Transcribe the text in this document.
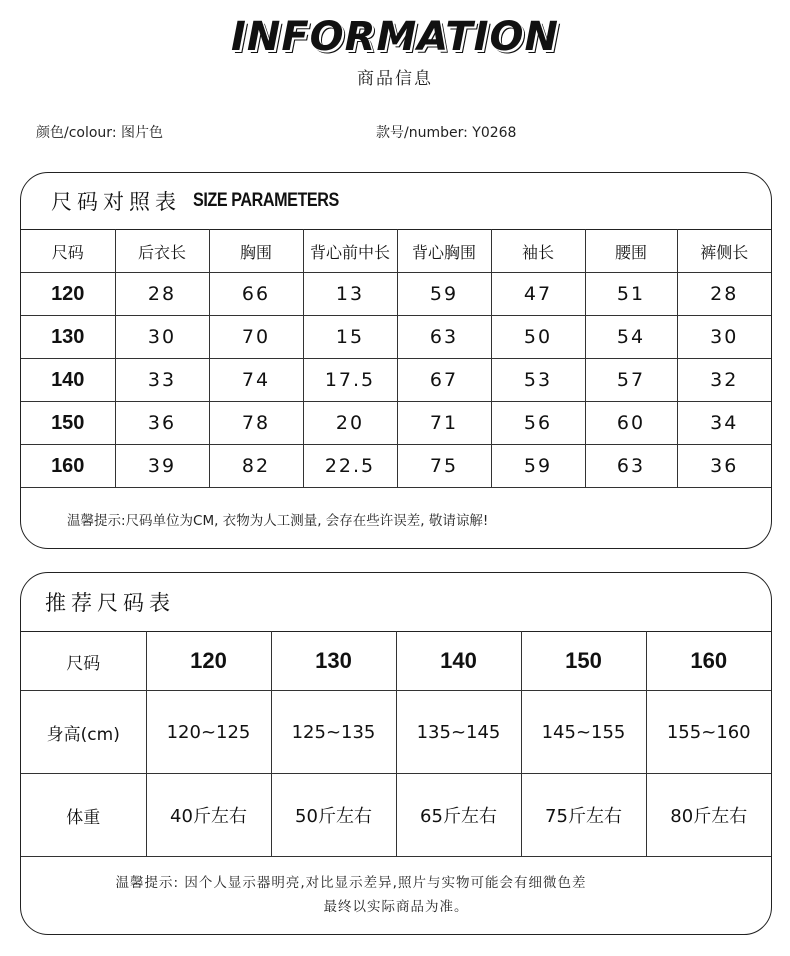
INFORMATION
商品信息
颜色/colour: 图片色	款号/number: Y0268
尺码对照表 SIZE PARAMETERS
尺码	后衣长	胸围	背心前中长	背心胸围	袖长	腰围	裤侧长
120	28	66	13	59	47	51	28
130	30	70	15	63	50	54	30
140	33	74	17.5	67	53	57	32
150	36	78	20	71	56	60	34
160	39	82	22.5	75	59	63	36
温馨提示:尺码单位为CM, 衣物为人工测量, 会存在些许误差, 敬请谅解!
推荐尺码表
尺码	120	130	140	150	160
身高(cm)	120~125	125~135	135~145	145~155	155~160
体重	40斤左右	50斤左右	65斤左右	75斤左右	80斤左右
温馨提示: 因个人显示器明亮,对比显示差异,照片与实物可能会有细微色差
最终以实际商品为准。
